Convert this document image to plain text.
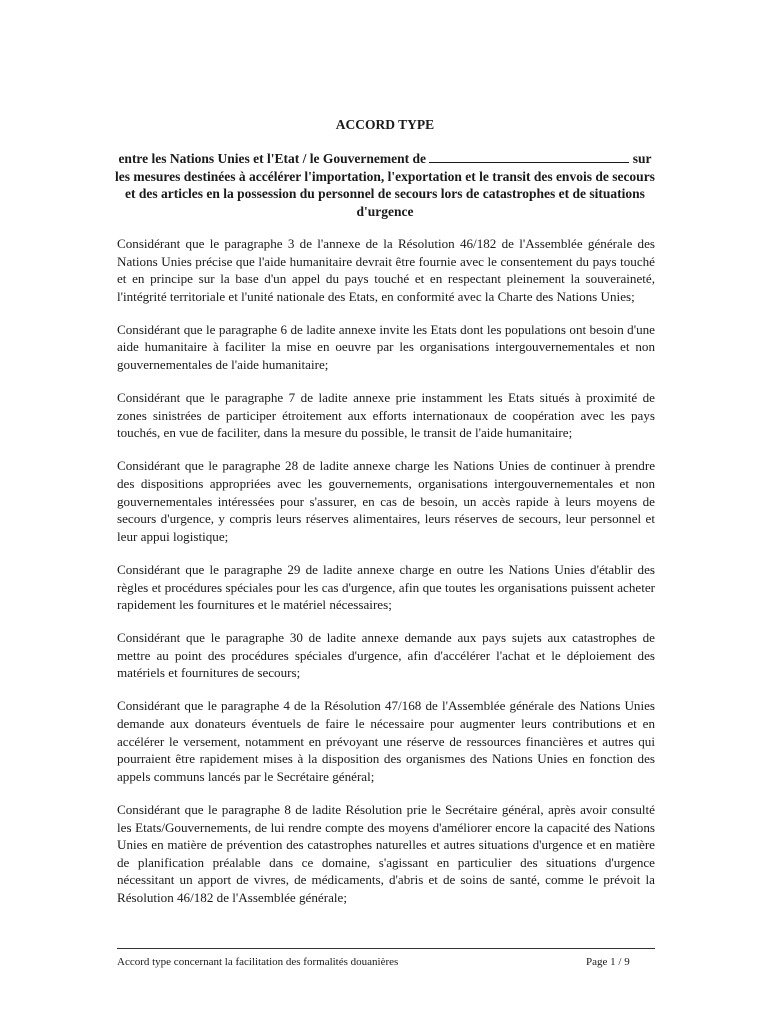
ACCORD TYPE

entre les Nations Unies et l'Etat / le Gouvernement de	sur les mesures destinées à accélérer l'importation, l'exportation et le transit des envois de secours et des articles en la possession du personnel de secours lors de catastrophes et de situations d'urgence

Considérant que le paragraphe 3 de l'annexe de la Résolution 46/182 de l'Assemblée générale des Nations Unies précise que l'aide humanitaire devrait être fournie avec le consentement du pays touché et en principe sur la base d'un appel du pays touché et en respectant pleinement la souveraineté, l'intégrité territoriale et l'unité nationale des Etats, en conformité avec la Charte des Nations Unies;

Considérant que le paragraphe 6 de ladite annexe invite les Etats dont les populations ont besoin d'une aide humanitaire à faciliter la mise en oeuvre par les organisations intergouvernementales et non gouvernementales de l'aide humanitaire;

Considérant que le paragraphe 7 de ladite annexe prie instamment les Etats situés à proximité de zones sinistrées de participer étroitement aux efforts internationaux de coopération avec les pays touchés, en vue de faciliter, dans la mesure du possible, le transit de l'aide humanitaire;

Considérant que le paragraphe 28 de ladite annexe charge les Nations Unies de continuer à prendre des dispositions appropriées avec les gouvernements, organisations intergouvernementales et non gouvernementales intéressées pour s'assurer, en cas de besoin, un accès rapide à leurs moyens de secours d'urgence, y compris leurs réserves alimentaires, leurs réserves de secours, leur personnel et leur appui logistique;

Considérant que le paragraphe 29 de ladite annexe charge en outre les Nations Unies d'établir des règles et procédures spéciales pour les cas d'urgence, afin que toutes les organisations puissent acheter rapidement les fournitures et le matériel nécessaires;

Considérant que le paragraphe 30 de ladite annexe demande aux pays sujets aux catastrophes de mettre au point des procédures spéciales d'urgence, afin d'accélérer l'achat et le déploiement des matériels et fournitures de secours;

Considérant que le paragraphe 4 de la Résolution 47/168 de l'Assemblée générale des Nations Unies demande aux donateurs éventuels de faire le nécessaire pour augmenter leurs contributions et en accélérer le versement, notamment en prévoyant une réserve de ressources financières et autres qui pourraient être rapidement mises à la disposition des organismes des Nations Unies en fonction des appels communs lancés par le Secrétaire général;

Considérant que le paragraphe 8 de ladite Résolution prie le Secrétaire général, après avoir consulté les Etats/Gouvernements, de lui rendre compte des moyens d'améliorer encore la capacité des Nations Unies en matière de prévention des catastrophes naturelles et autres situations d'urgence et en matière de planification préalable dans ce domaine, s'agissant en particulier des situations d'urgence nécessitant un apport de vivres, de médicaments, d'abris et de soins de santé, comme le prévoit la Résolution 46/182 de l'Assemblée générale;

Accord type concernant la facilitation des formalités douanières	Page 1 / 9
